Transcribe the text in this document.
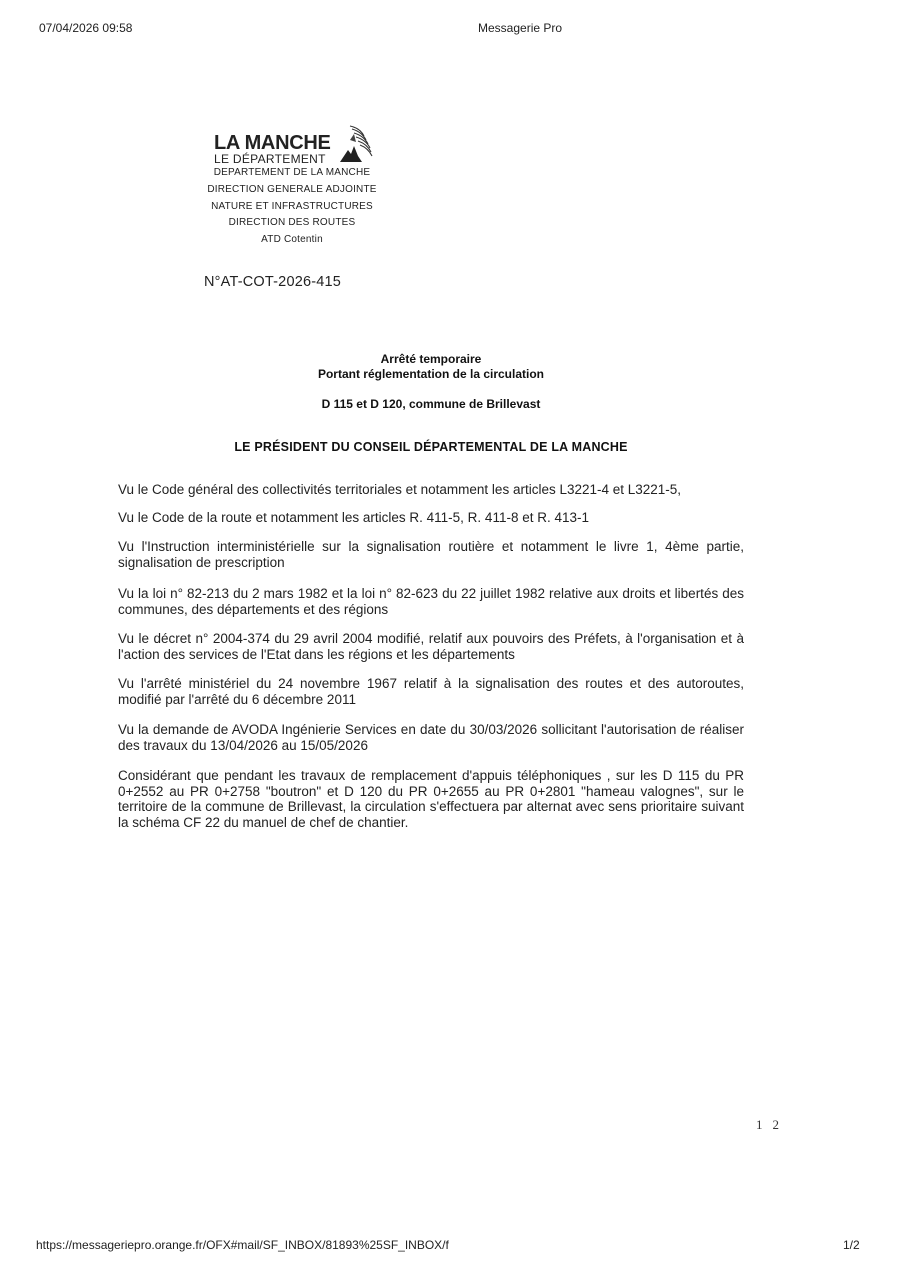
07/04/2026 09:58	Messagerie Pro
LA MANCHE
LE DÉPARTEMENT
DEPARTEMENT DE LA MANCHE
DIRECTION GENERALE ADJOINTE
NATURE ET INFRASTRUCTURES
DIRECTION DES ROUTES
ATD Cotentin
N°AT-COT-2026-415
Arrêté temporaire
Portant réglementation de la circulation
D 115 et D 120, commune de Brillevast
LE PRÉSIDENT DU CONSEIL DÉPARTEMENTAL DE LA MANCHE
Vu le Code général des collectivités territoriales et notamment les articles L3221-4 et L3221-5,
Vu le Code de la route et notamment les articles R. 411-5, R. 411-8 et R. 413-1
Vu l'Instruction interministérielle sur la signalisation routière et notamment le livre 1, 4ème partie, signalisation de prescription
Vu la loi n° 82-213 du 2 mars 1982 et la loi n° 82-623 du 22 juillet 1982 relative aux droits et libertés des communes, des départements et des régions
Vu le décret n° 2004-374 du 29 avril 2004 modifié, relatif aux pouvoirs des Préfets, à l'organisation et à l'action des services de l'Etat dans les régions et les départements
Vu l'arrêté ministériel du 24 novembre 1967 relatif à la signalisation des routes et des autoroutes, modifié par l'arrêté du 6 décembre 2011
Vu la demande de AVODA Ingénierie Services en date du 30/03/2026 sollicitant l'autorisation de réaliser des travaux du 13/04/2026 au 15/05/2026
Considérant que pendant les travaux de remplacement d'appuis téléphoniques , sur les D 115 du PR 0+2552 au PR 0+2758 "boutron" et D 120 du PR 0+2655 au PR 0+2801 "hameau valognes", sur le territoire de la commune de Brillevast, la circulation s'effectuera par alternat avec sens prioritaire suivant la schéma CF 22 du manuel de chef de chantier.
1 2
https://messageriepro.orange.fr/OFX#mail/SF_INBOX/81893%25SF_INBOX/f	1/2
